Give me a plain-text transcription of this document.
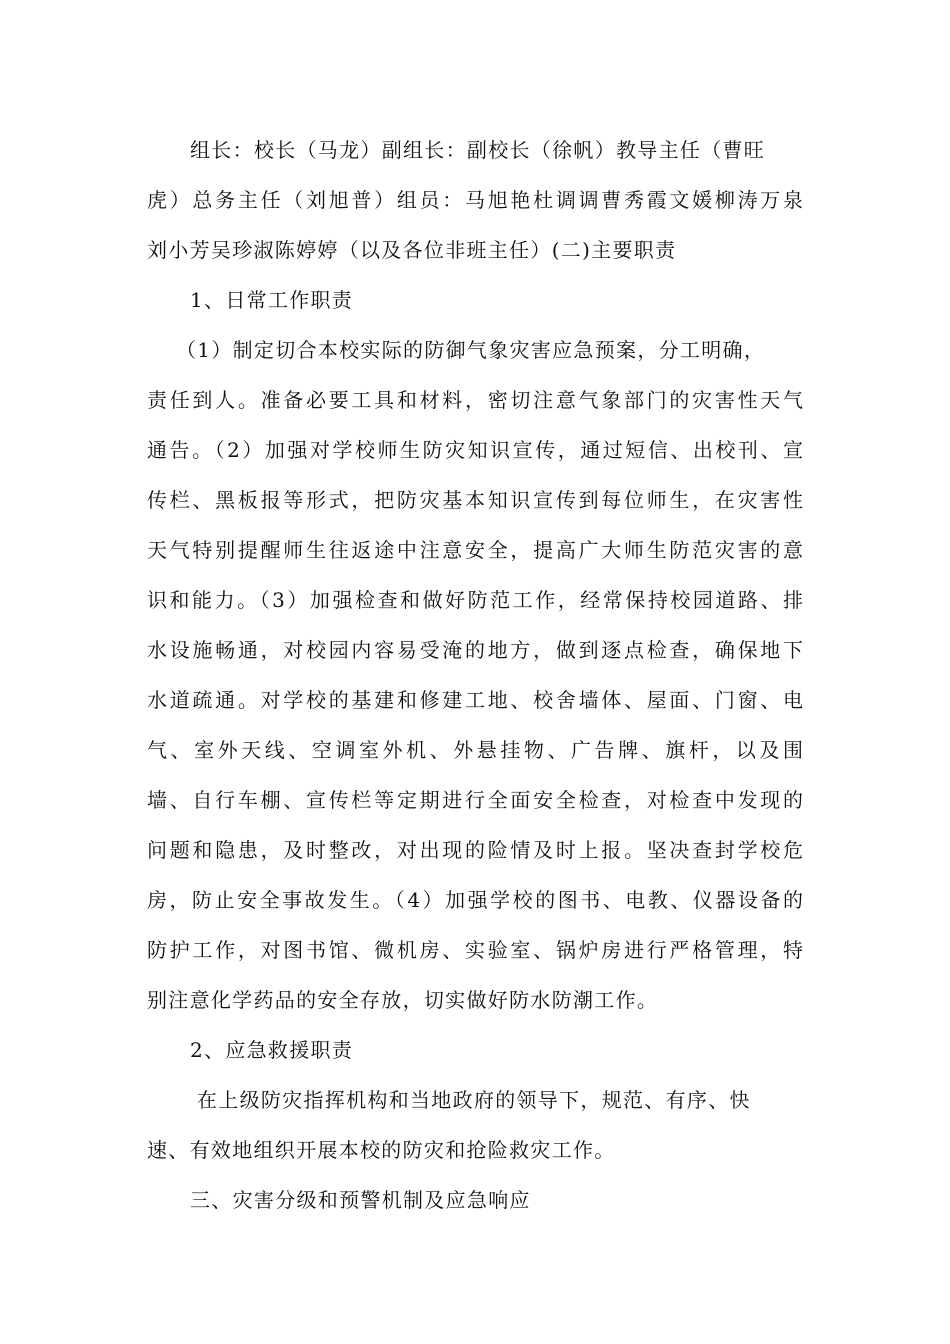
组长：校长（马龙）副组长：副校长（徐帆）教导主任（曹旺
虎）总务主任（刘旭普）组员：马旭艳杜调调曹秀霞文媛柳涛万泉
刘小芳吴珍淑陈婷婷（以及各位非班主任）(二)主要职责
1、日常工作职责
（1）制定切合本校实际的防御气象灾害应急预案，分工明确，
责任到人。准备必要工具和材料，密切注意气象部门的灾害性天气
通告。（2）加强对学校师生防灾知识宣传，通过短信、出校刊、宣
传栏、黑板报等形式，把防灾基本知识宣传到每位师生，在灾害性
天气特别提醒师生往返途中注意安全，提高广大师生防范灾害的意
识和能力。（3）加强检查和做好防范工作，经常保持校园道路、排
水设施畅通，对校园内容易受淹的地方，做到逐点检查，确保地下
水道疏通。对学校的基建和修建工地、校舍墙体、屋面、门窗、电
气、室外天线、空调室外机、外悬挂物、广告牌、旗杆，以及围
墙、自行车棚、宣传栏等定期进行全面安全检查，对检查中发现的
问题和隐患，及时整改，对出现的险情及时上报。坚决查封学校危
房，防止安全事故发生。（4）加强学校的图书、电教、仪器设备的
防护工作，对图书馆、微机房、实验室、锅炉房进行严格管理，特
别注意化学药品的安全存放，切实做好防水防潮工作。
2、应急救援职责
在上级防灾指挥机构和当地政府的领导下，规范、有序、快
速、有效地组织开展本校的防灾和抢险救灾工作。
三、灾害分级和预警机制及应急响应
